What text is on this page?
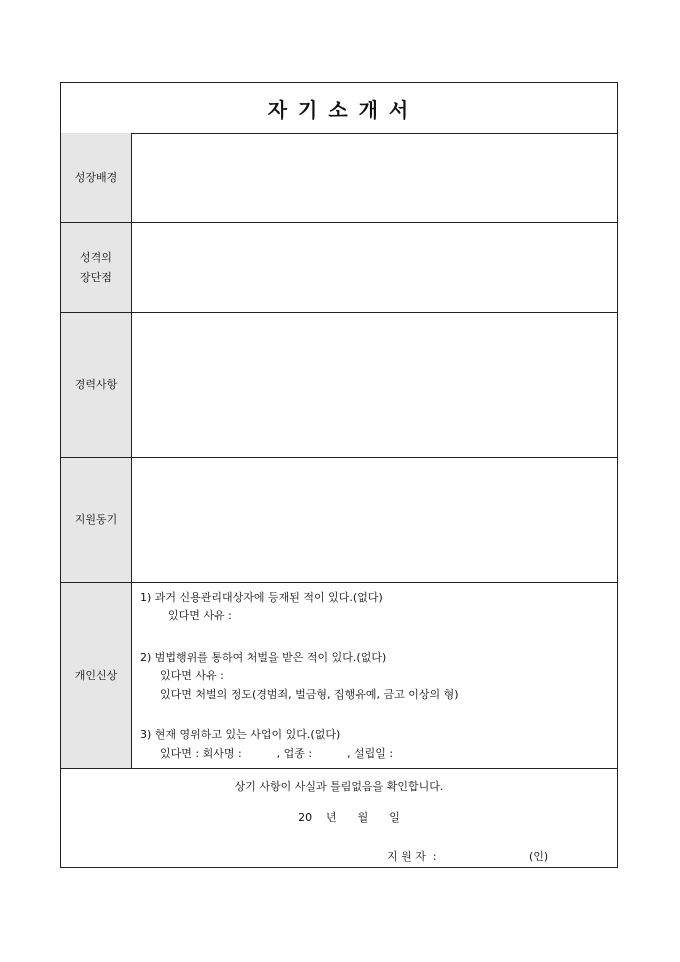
자 기 소 개 서
성장배경
성격의
장단점
경력사항
지원동기
개인신상
1) 과거 신용관리대상자에 등재된 적이 있다.(없다)
있다면 사유 :
2) 범법행위를 통하여 처벌을 받은 적이 있다.(없다)
있다면 사유 :
있다면 처벌의 정도(경범죄, 벌금형, 집행유예, 금고 이상의 형)
3) 현재 영위하고 있는 사업이 있다.(없다)
있다면 : 회사명 :          , 업종 :          , 설립일 :
상기 사항이 사실과 틀림없음을 확인합니다.
20    년      월      일
지 원 자  :	(인)
